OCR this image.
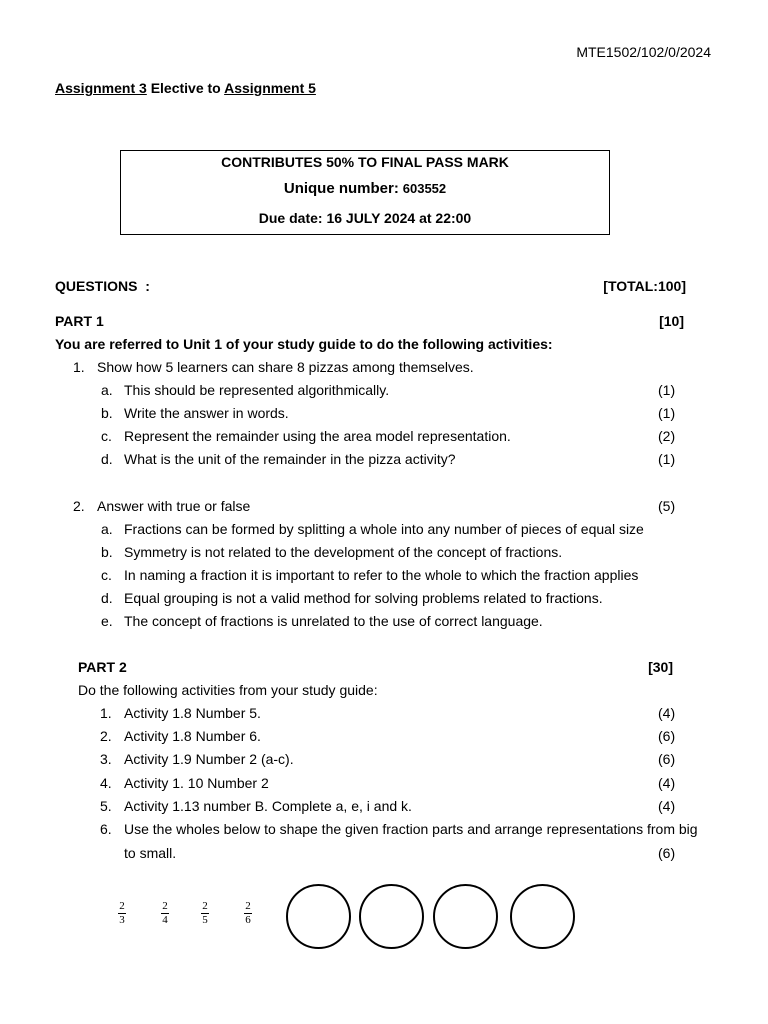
MTE1502/102/0/2024
Assignment 3 Elective to Assignment 5
CONTRIBUTES 50% TO FINAL PASS MARK
Unique number: 603552
Due date: 16 JULY 2024 at 22:00
QUESTIONS  :	[TOTAL:100]
PART 1	[10]
You are referred to Unit 1 of your study guide to do the following activities:
1. Show how 5 learners can share 8 pizzas among themselves.
a. This should be represented algorithmically.	(1)
b. Write the answer in words.	(1)
c. Represent the remainder using the area model representation.	(2)
d. What is the unit of the remainder in the pizza activity?	(1)
2. Answer with true or false	(5)
a. Fractions can be formed by splitting a whole into any number of pieces of equal size
b. Symmetry is not related to the development of the concept of fractions.
c. In naming a fraction it is important to refer to the whole to which the fraction applies
d. Equal grouping is not a valid method for solving problems related to fractions.
e. The concept of fractions is unrelated to the use of correct language.
PART 2	[30]
Do the following activities from your study guide:
1. Activity 1.8 Number 5.	(4)
2. Activity 1.8 Number 6.	(6)
3. Activity 1.9 Number 2 (a-c).	(6)
4. Activity 1. 10 Number 2	(4)
5. Activity 1.13 number B. Complete a, e, i and k.	(4)
6. Use the wholes below to shape the given fraction parts and arrange representations from big
to small.	(6)
2
3
2
4
2
5
2
6
